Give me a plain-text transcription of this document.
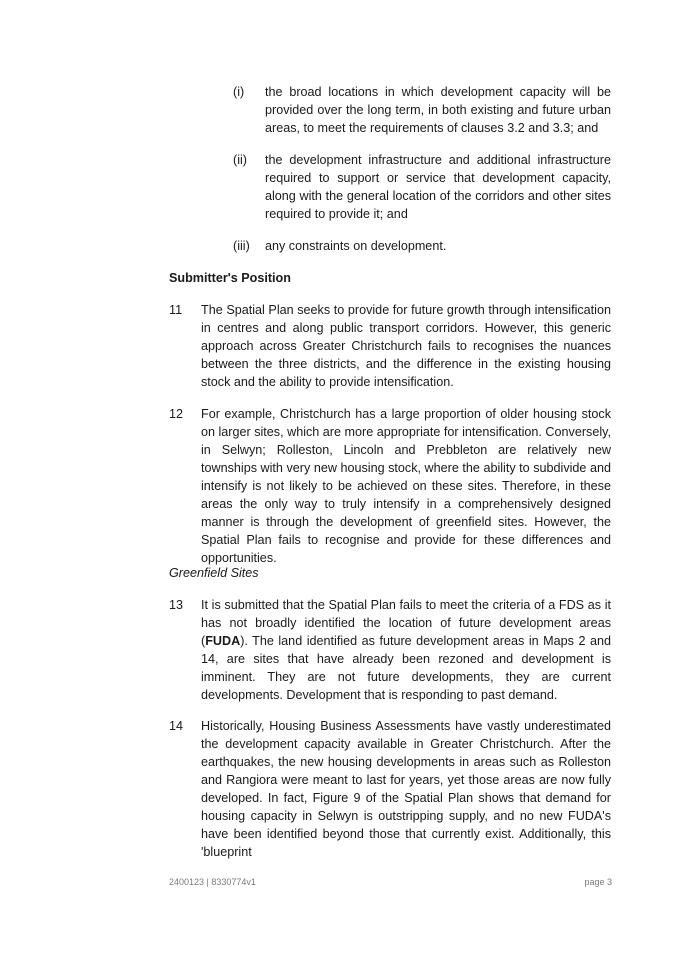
(i) the broad locations in which development capacity will be provided over the long term, in both existing and future urban areas, to meet the requirements of clauses 3.2 and 3.3; and
(ii) the development infrastructure and additional infrastructure required to support or service that development capacity, along with the general location of the corridors and other sites required to provide it; and
(iii) any constraints on development.
Submitter's Position
11 The Spatial Plan seeks to provide for future growth through intensification in centres and along public transport corridors. However, this generic approach across Greater Christchurch fails to recognises the nuances between the three districts, and the difference in the existing housing stock and the ability to provide intensification.
12 For example, Christchurch has a large proportion of older housing stock on larger sites, which are more appropriate for intensification. Conversely, in Selwyn; Rolleston, Lincoln and Prebbleton are relatively new townships with very new housing stock, where the ability to subdivide and intensify is not likely to be achieved on these sites. Therefore, in these areas the only way to truly intensify in a comprehensively designed manner is through the development of greenfield sites. However, the Spatial Plan fails to recognise and provide for these differences and opportunities.
Greenfield Sites
13 It is submitted that the Spatial Plan fails to meet the criteria of a FDS as it has not broadly identified the location of future development areas (FUDA). The land identified as future development areas in Maps 2 and 14, are sites that have already been rezoned and development is imminent. They are not future developments, they are current developments. Development that is responding to past demand.
14 Historically, Housing Business Assessments have vastly underestimated the development capacity available in Greater Christchurch. After the earthquakes, the new housing developments in areas such as Rolleston and Rangiora were meant to last for years, yet those areas are now fully developed. In fact, Figure 9 of the Spatial Plan shows that demand for housing capacity in Selwyn is outstripping supply, and no new FUDA's have been identified beyond those that currently exist. Additionally, this 'blueprint
2400123 | 8330774v1	page 3
